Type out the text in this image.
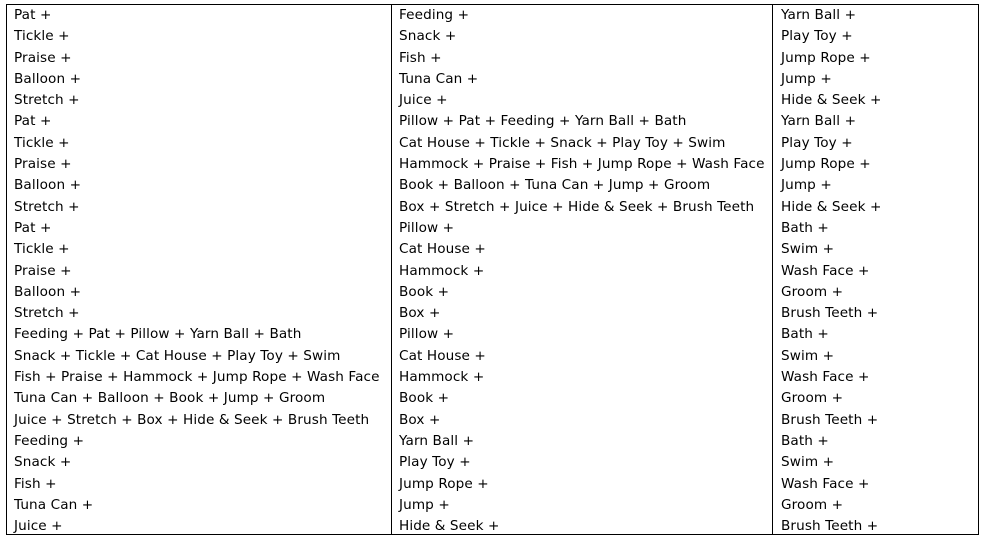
Pat +
Tickle +
Praise +
Balloon +
Stretch +
Pat +
Tickle +
Praise +
Balloon +
Stretch +
Pat +
Tickle +
Praise +
Balloon +
Stretch +
Feeding + Pat + Pillow + Yarn Ball + Bath
Snack + Tickle + Cat House + Play Toy + Swim
Fish + Praise + Hammock + Jump Rope + Wash Face
Tuna Can + Balloon + Book + Jump + Groom
Juice + Stretch + Box + Hide & Seek + Brush Teeth
Feeding +
Snack +
Fish +
Tuna Can +
Juice +
Feeding +
Snack +
Fish +
Tuna Can +
Juice +
Pillow + Pat + Feeding + Yarn Ball + Bath
Cat House + Tickle + Snack + Play Toy + Swim
Hammock + Praise + Fish + Jump Rope + Wash Face
Book + Balloon + Tuna Can + Jump + Groom
Box + Stretch + Juice + Hide & Seek + Brush Teeth
Pillow +
Cat House +
Hammock +
Book +
Box +
Pillow +
Cat House +
Hammock +
Book +
Box +
Yarn Ball +
Play Toy +
Jump Rope +
Jump +
Hide & Seek +
Yarn Ball +
Play Toy +
Jump Rope +
Jump +
Hide & Seek +
Yarn Ball +
Play Toy +
Jump Rope +
Jump +
Hide & Seek +
Bath +
Swim +
Wash Face +
Groom +
Brush Teeth +
Bath +
Swim +
Wash Face +
Groom +
Brush Teeth +
Bath +
Swim +
Wash Face +
Groom +
Brush Teeth +
